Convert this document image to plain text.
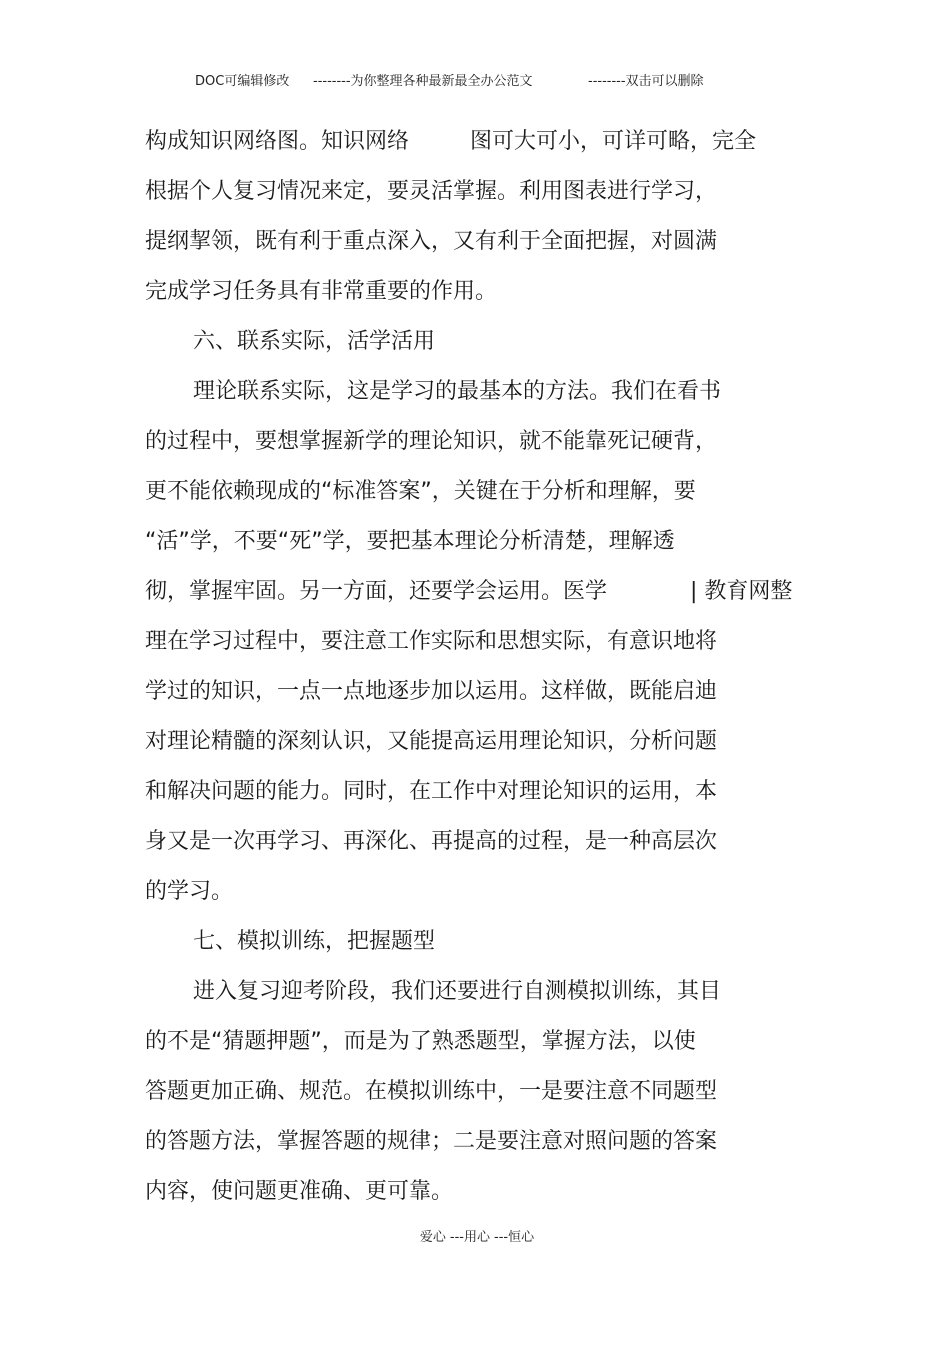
DOC可编辑修改

--------为你整理各种最新最全办公范文

	--------双击可以删除

构成知识网络图。知识网络

	图可大可小，可详可略，完全

根据个人复习情况来定，要灵活掌握。利用图表进行学习，

提纲挈领，既有利于重点深入，又有利于全面把握，对圆满

完成学习任务具有非常重要的作用。

六、联系实际，活学活用

理论联系实际，这是学习的最基本的方法。我们在看书

的过程中，要想掌握新学的理论知识，就不能靠死记硬背，

更不能依赖现成的“标准答案”，关键在于分析和理解，要

“活”学，不要“死”学，要把基本理论分析清楚，理解透

彻，掌握牢固。另一方面，还要学会运用。医学

	| 教育网整

理在学习过程中，要注意工作实际和思想实际，有意识地将

学过的知识，一点一点地逐步加以运用。这样做，既能启迪

对理论精髓的深刻认识，又能提高运用理论知识，分析问题

和解决问题的能力。同时，在工作中对理论知识的运用，本

身又是一次再学习、再深化、再提高的过程，是一种高层次

的学习。

七、模拟训练，把握题型

进入复习迎考阶段，我们还要进行自测模拟训练，其目

的不是“猜题押题”，而是为了熟悉题型，掌握方法，以使

答题更加正确、规范。在模拟训练中，一是要注意不同题型

的答题方法，掌握答题的规律；二是要注意对照问题的答案

内容，使问题更准确、更可靠。

爱心 ---用心 ---恒心
